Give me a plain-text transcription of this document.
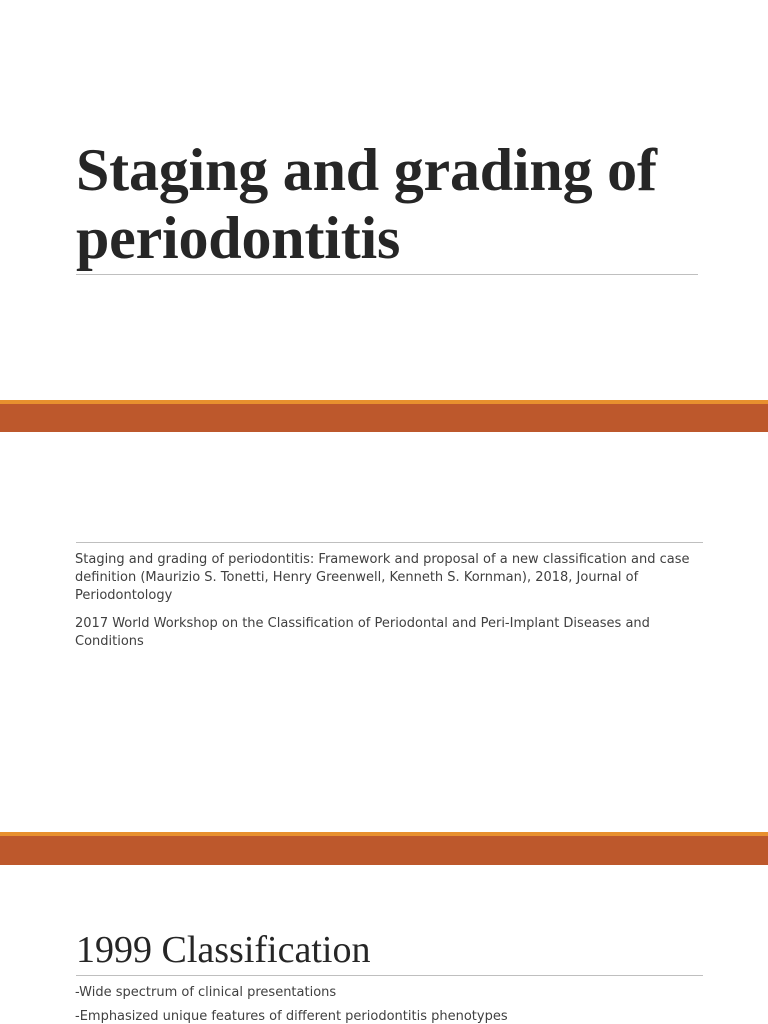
Staging and grading of periodontitis

Staging and grading of periodontitis: Framework and proposal of a new classification and case definition (Maurizio S. Tonetti, Henry Greenwell, Kenneth S. Kornman), 2018, Journal of Periodontology

2017 World Workshop on the Classification of Periodontal and Peri-Implant Diseases and Conditions

1999 Classification
-Wide spectrum of clinical presentations
-Emphasized unique features of different periodontitis phenotypes
